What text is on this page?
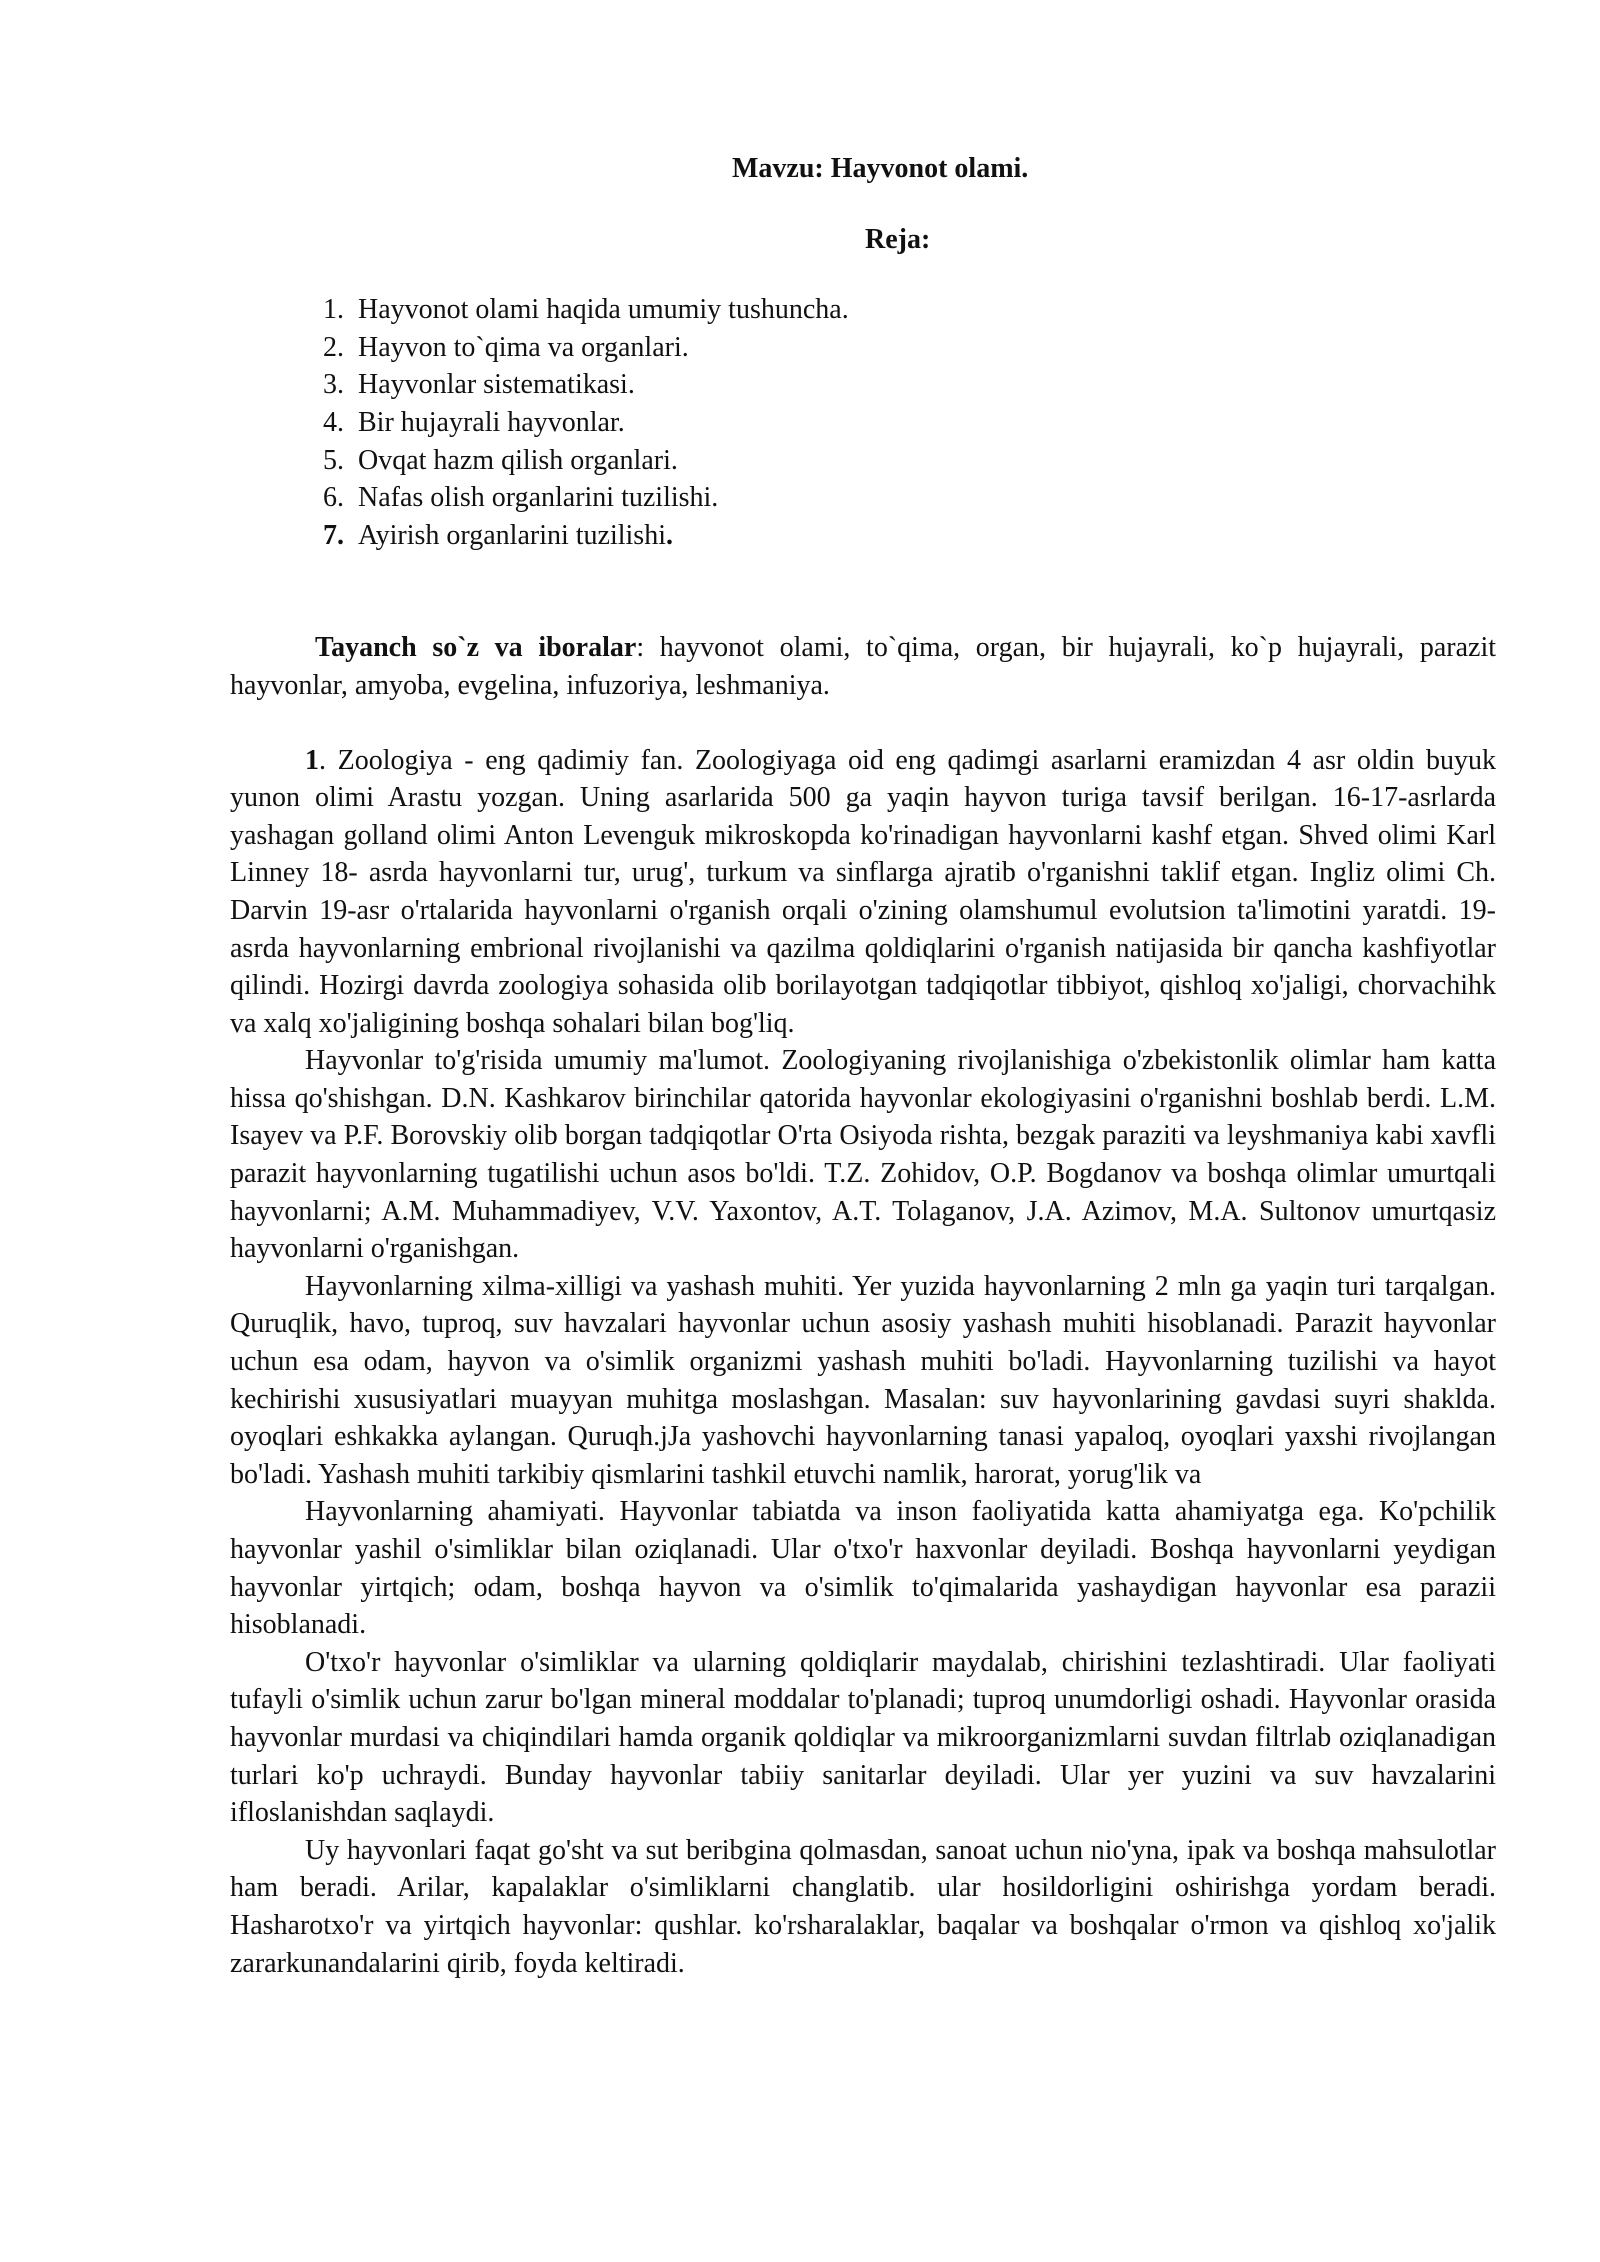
Mavzu: Hayvonot olami.
Reja:
1. Hayvonot olami haqida umumiy tushuncha.
2. Hayvon to`qima va organlari.
3. Hayvonlar sistematikasi.
4. Bir hujayrali hayvonlar.
5. Ovqat hazm qilish organlari.
6. Nafas olish organlarini tuzilishi.
7. Ayirish organlarini tuzilishi.

Tayanch so`z va iboralar: hayvonot olami, to`qima, organ, bir hujayrali, ko`p hujayrali, parazit hayvonlar, amyoba, evgelina, infuzoriya, leshmaniya.

1. Zoologiya - eng qadimiy fan. Zoologiyaga oid eng qadimgi asarlarni eramizdan 4 asr oldin buyuk yunon olimi Arastu yozgan. Uning asarlarida 500 ga yaqin hayvon turiga tavsif berilgan. 16-17-asrlarda yashagan golland olimi Anton Levenguk mikroskopda ko'rinadigan hayvonlarni kashf etgan. Shved olimi Karl Linney 18- asrda hayvonlarni tur, urug', turkum va sinflarga ajratib o'rganishni taklif etgan. Ingliz olimi Ch. Darvin 19-asr o'rtalarida hayvonlarni o'rganish orqali o'zining olamshumul evolutsion ta'limotini yaratdi. 19-asrda hayvonlarning embrional rivojlanishi va qazilma qoldiqlarini o'rganish natijasida bir qancha kashfiyotlar qilindi. Hozirgi davrda zoologiya sohasida olib borilayotgan tadqiqotlar tibbiyot, qishloq xo'jaligi, chorvachihk va xalq xo'jaligining boshqa sohalari bilan bog'liq.

Hayvonlar to'g'risida umumiy ma'lumot. Zoologiyaning rivojlanishiga o'zbekistonlik olimlar ham katta hissa qo'shishgan. D.N. Kashkarov birinchilar qatorida hayvonlar ekologiyasini o'rganishni boshlab berdi. L.M. Isayev va P.F. Borovskiy olib borgan tadqiqotlar O'rta Osiyoda rishta, bezgak paraziti va leyshmaniya kabi xavfli parazit hayvonlarning tugatilishi uchun asos bo'ldi. T.Z. Zohidov, O.P. Bogdanov va boshqa olimlar umurtqali hayvonlarni; A.M. Muhammadiyev, V.V. Yaxontov, A.T. Tolaganov, J.A. Azimov, M.A. Sultonov umurtqasiz hayvonlarni o'rganishgan.

Hayvonlarning xilma-xilligi va yashash muhiti. Yer yuzida hayvonlarning 2 mln ga yaqin turi tarqalgan. Quruqlik, havo, tuproq, suv havzalari hayvonlar uchun asosiy yashash muhiti hisoblanadi. Parazit hayvonlar uchun esa odam, hayvon va o'simlik organizmi yashash muhiti bo'ladi. Hayvonlarning tuzilishi va hayot kechirishi xususiyatlari muayyan muhitga moslashgan. Masalan: suv hayvonlarining gavdasi suyri shaklda. oyoqlari eshkakka aylangan. Quruqh.jJa yashovchi hayvonlarning tanasi yapaloq, oyoqlari yaxshi rivojlangan bo'ladi. Yashash muhiti tarkibiy qismlarini tashkil etuvchi namlik, harorat, yorug'lik va

Hayvonlarning ahamiyati. Hayvonlar tabiatda va inson faoliyatida katta ahamiyatga ega. Ko'pchilik hayvonlar yashil o'simliklar bilan oziqlanadi. Ular o'txo'r haxvonlar deyiladi. Boshqa hayvonlarni yeydigan hayvonlar yirtqich; odam, boshqa hayvon va o'simlik to'qimalarida yashaydigan hayvonlar esa parazii hisoblanadi.

O'txo'r hayvonlar o'simliklar va ularning qoldiqlarir maydalab, chirishini tezlashtiradi. Ular faoliyati tufayli o'simlik uchun zarur bo'lgan mineral moddalar to'planadi; tuproq unumdorligi oshadi. Hayvonlar orasida hayvonlar murdasi va chiqindilari hamda organik qoldiqlar va mikroorganizmlarni suvdan filtrlab oziqlanadigan turlari ko'p uchraydi. Bunday hayvonlar tabiiy sanitarlar deyiladi. Ular yer yuzini va suv havzalarini ifloslanishdan saqlaydi.

Uy hayvonlari faqat go'sht va sut beribgina qolmasdan, sanoat uchun nio'yna, ipak va boshqa mahsulotlar ham beradi. Arilar, kapalaklar o'simliklarni changlatib. ular hosildorligini oshirishga yordam beradi. Hasharotxo'r va yirtqich hayvonlar: qushlar. ko'rsharalaklar, baqalar va boshqalar o'rmon va qishloq xo'jalik zararkunandalarini qirib, foyda keltiradi.
